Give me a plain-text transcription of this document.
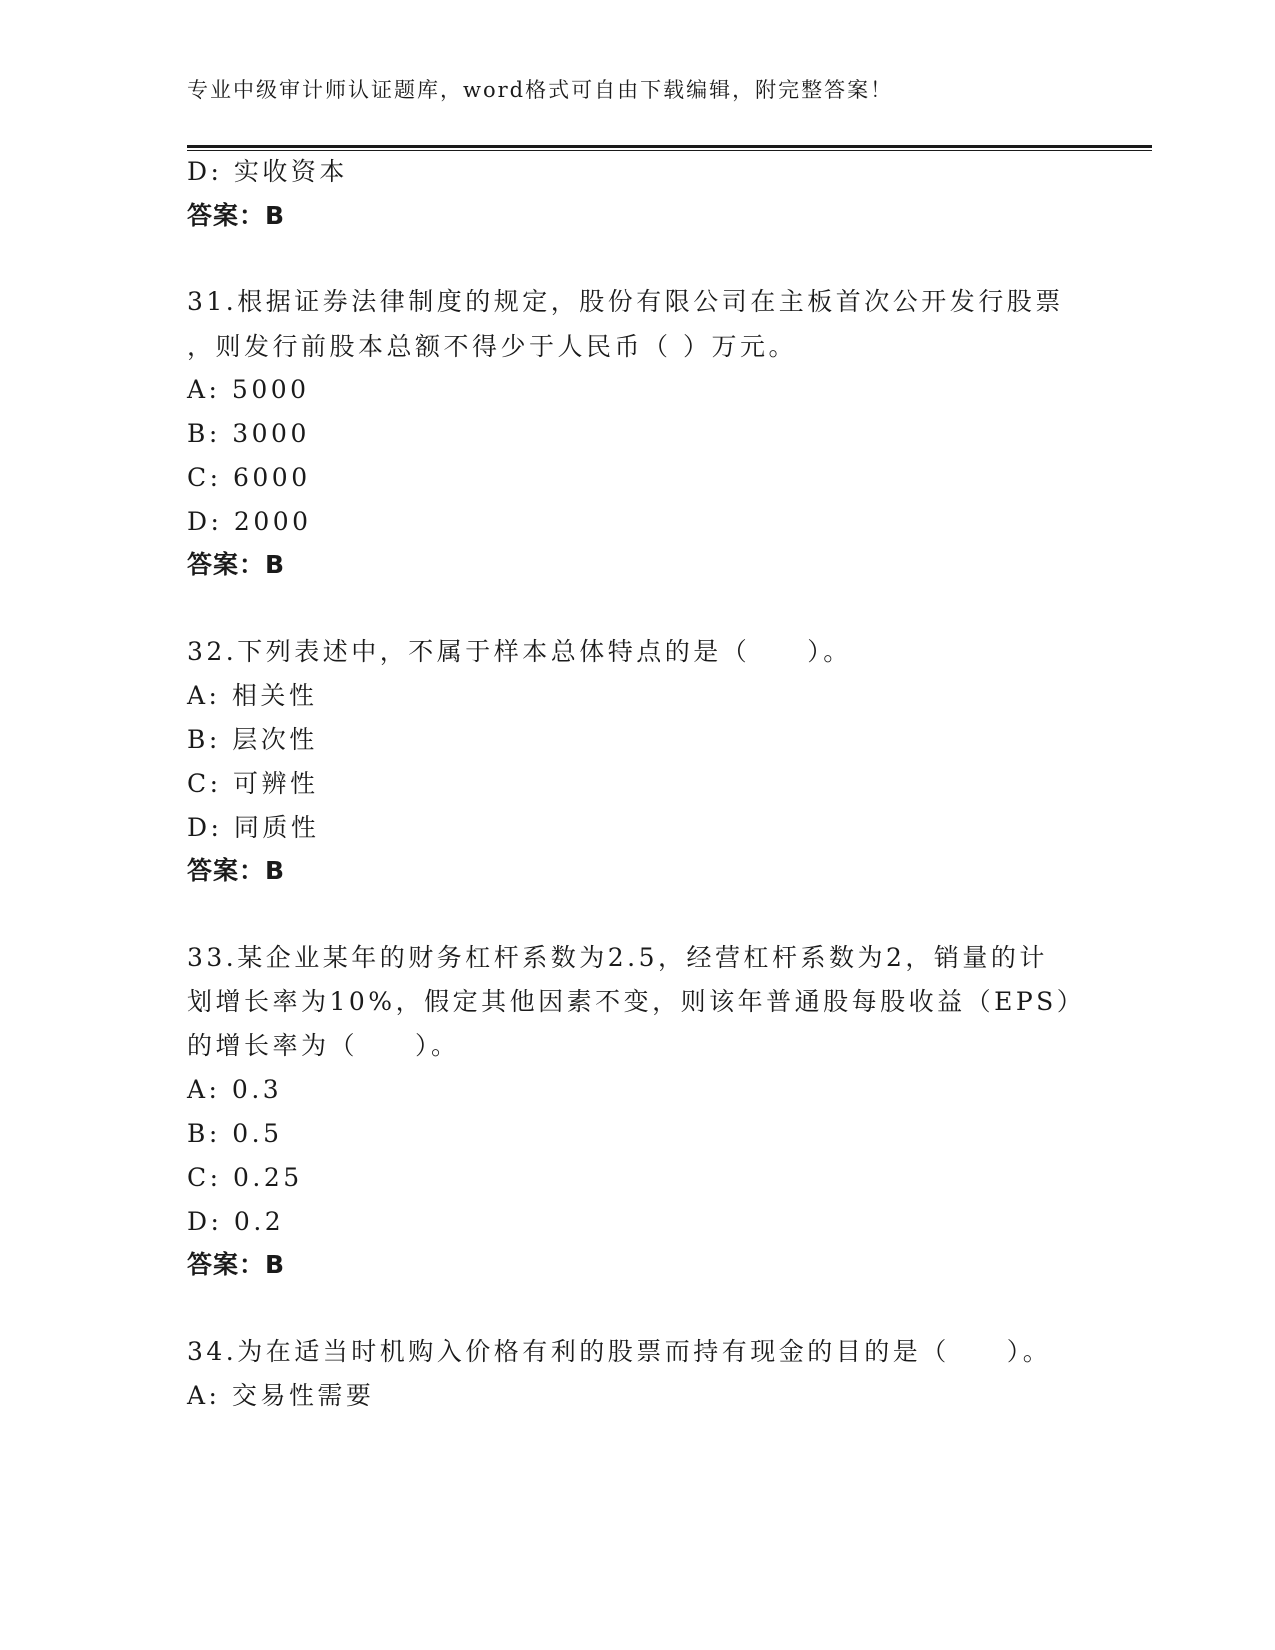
专业中级审计师认证题库，word格式可自由下载编辑，附完整答案！
D: 实收资本
答案：B
31.根据证券法律制度的规定，股份有限公司在主板首次公开发行股票
，则发行前股本总额不得少于人民币（ ）万元。
A: 5000
B: 3000
C: 6000
D: 2000
答案：B
32.下列表述中，不属于样本总体特点的是（　　）。
A: 相关性
B: 层次性
C: 可辨性
D: 同质性
答案：B
33.某企业某年的财务杠杆系数为2.5，经营杠杆系数为2，销量的计
划增长率为10%，假定其他因素不变，则该年普通股每股收益（EPS）
的增长率为（　　）。
A: 0.3
B: 0.5
C: 0.25
D: 0.2
答案：B
34.为在适当时机购入价格有利的股票而持有现金的目的是（　　）。
A: 交易性需要
